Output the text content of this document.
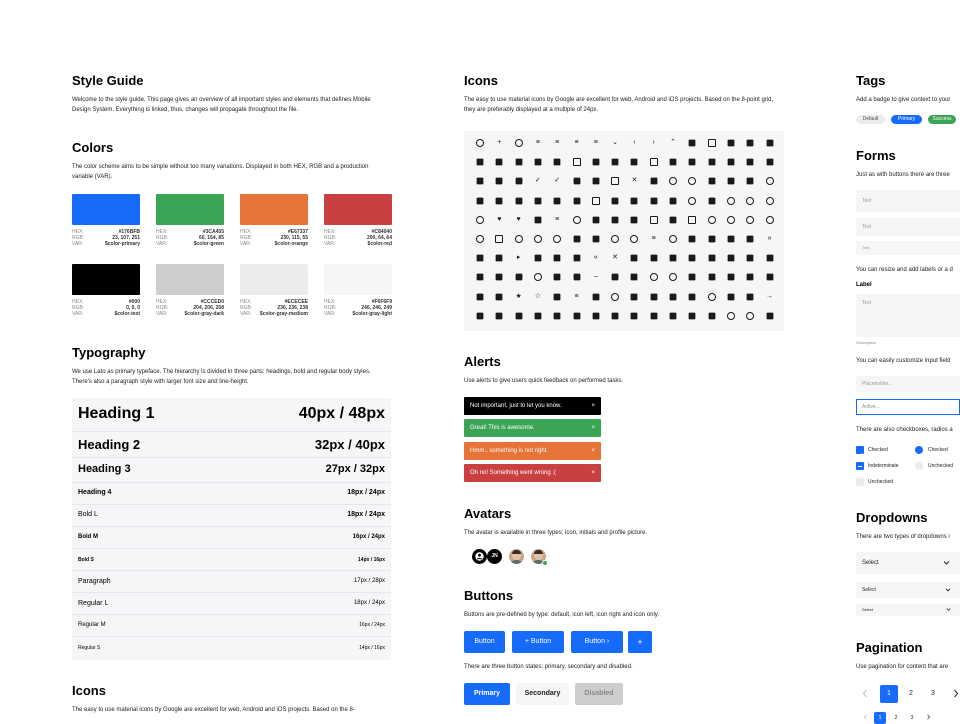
Style Guide
Welcome to the style guide. This page gives an overview of all important styles and elements that defines Mobile Design System. Everything is linked, thus, changes will propagate throughout the file.
Colors
The color scheme aims to be simple without too many variations. Displayed in both HEX, RGB and a production variable (VAR).
HEX:	#176BFB
RGB:	23, 107, 251
VAR:	$color-primary
HEX:	#3CA455
RGB:	60, 164, 85
VAR:	$color-green
HEX:	#E67337
RGB:	230, 115, 55
VAR:	$color-orange
HEX:	#C84040
RGB:	200, 64, 64
VAR:	$color-red
HEX:	#000
RGB:	0, 0, 0
VAR:	$color-text
HEX:	#CCCED0
RGB:	204, 206, 208
VAR:	$color-gray-dark
HEX:	#ECECEE
RGB:	236, 236, 238
VAR: $color-gray-medium
HEX:	#F6F6F9
RGB:	246, 246, 249
VAR:	$color-gray-light
Typography
We use Lato as primary typeface. The hierarchy is divided in three parts: headings, bold and regular body styles. There's also a paragraph style with larger font size and line-height.
Heading 1	40px / 48px
Heading 2	32px / 40px
Heading 3	27px / 32px
Heading 4	18px / 24px
Bold L	18px / 24px
Bold M	16px / 24px
Bold S	14px / 16px
Paragraph	17px / 28px
Regular L	18px / 24px
Regular M	16px / 24px
Regular S	14px / 16px
Icons
The easy to use material icons by Google are excellent for web, Android and iOS projects. Based on the 8-
Icons
The easy to use material icons by Google are excellent for web, Android and iOS projects. Based on the 8-point grid, they are preferably displayed at a multiple of 24px.
+	≡ ≡ ≡ ≡ ⌄	‹	›	⌃
✓ ✓	✕
♥ ♥	≡
≡	»
▸	« ✕
–
★ ☆	≡	→
Alerts
Use alerts to give users quick feedback on performed tasks.
Not important, just to let you know.	×
Great! This is awesome.	×
Hmm.. something is not right.	×
Oh no! Something went wrong :(	×
Avatars
The avatar is available in three types: icon, initials and profile picture.
JN
Buttons
Buttons are pre-defined by type: default, icon left, icon right and icon only.
Button	+ Button	Button ›	+
There are three button states: primary, secondary and disabled.
Primary	Secondary	Disabled
Tags
Add a badge to give context to your
Default	Primary	Success
Forms
Just as with buttons there are three
Text
Text
Text
You can resize and add labels or a d
Label
Text
Description
You can easily customize input field
Placeholder...
Active...
There are also checkboxes, radios a
Checked	Checked
Indeterminate	Unchecked
Unchecked
Dropdowns
There are two types of dropdowns i
Select
Select
Select
Pagination
Use pagination for content that are
1	2	3
1	2	3
